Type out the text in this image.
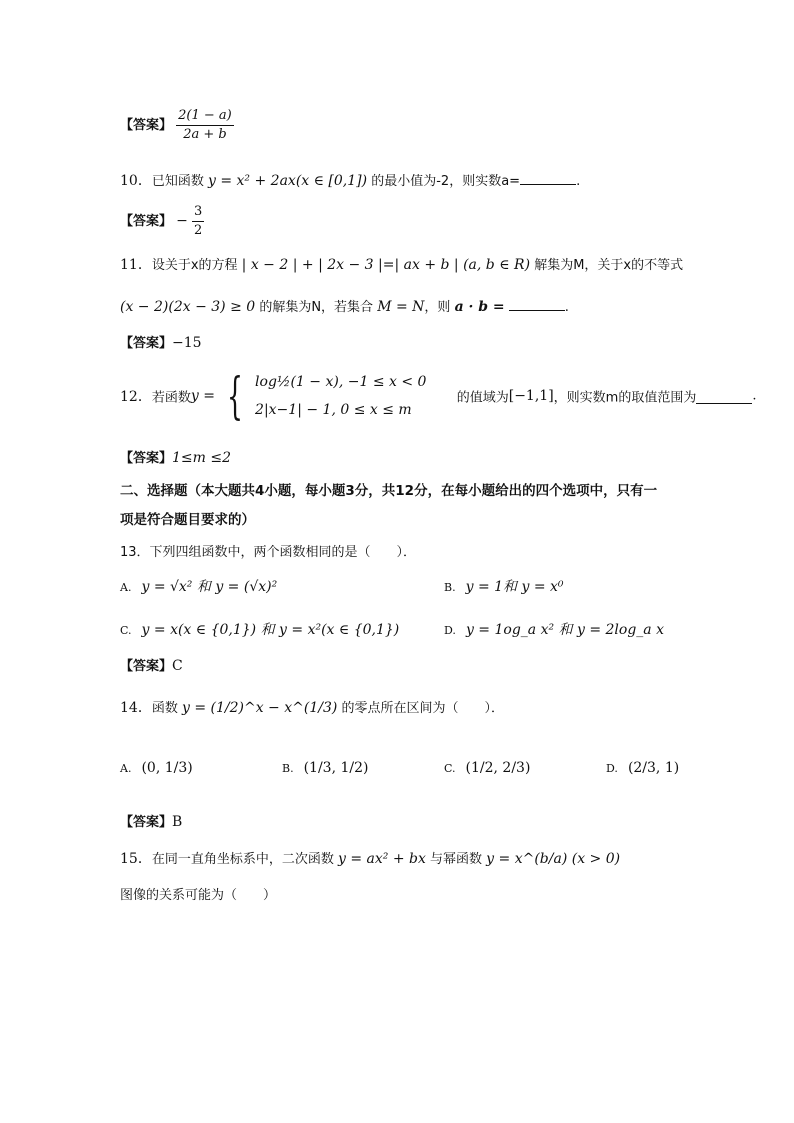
【答案】 $\frac{2(1 - a)}{2a + b}$
10．已知函数 y = x² + 2ax(x ∈ [0,1]) 的最小值为-2，则实数a=	.
【答案】 − $\frac{3}{2}$
11．设关于x的方程 | x − 2 | + | 2x − 3 |=| ax + b | (a, b ∈ R) 解集为M，关于x的不等式
(x − 2)(2x − 3) ≥ 0 的解集为N，若集合 M = N，则 a · b =	.
【答案】−15
12．若函数y = { log½(1 − x), −1 ≤ x < 0
2|x−1| − 1, 0 ≤ x ≤ m
的值域为[−1,1]，则实数m的取值范围为	.
【答案】1≤m ≤2
二、选择题（本大题共4小题，每小题3分，共12分，在每小题给出的四个选项中，只有一
项是符合题目要求的）
13．下列四组函数中，两个函数相同的是（　　）．
A. y = √x² 和 y = (√x)²	B. y = 1和 y = x⁰
C. y = x(x ∈ {0,1}) 和 y = x²(x ∈ {0,1})	D. y = 1og_a x² 和 y = 2log_a x
【答案】C
14．函数 y = (1/2)^x − x^(1/3) 的零点所在区间为（　　）．
A. (0, 1/3)	B. (1/3, 1/2)	C. (1/2, 2/3)	D. (2/3, 1)
【答案】B
15．在同一直角坐标系中，二次函数 y = ax² + bx 与幂函数 y = x^(b/a) (x > 0)
图像的关系可能为（　　）
